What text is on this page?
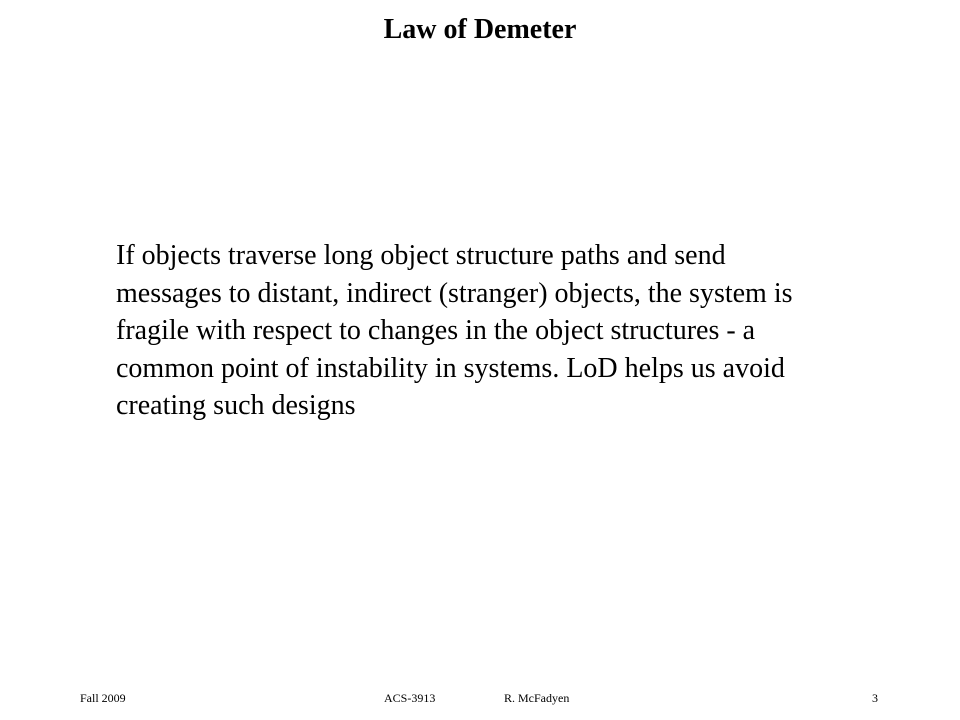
Law of Demeter

If objects traverse long object structure paths and send

messages to distant, indirect (stranger) objects, the system is

fragile with respect to changes in the object structures - a

common point of instability in systems. LoD helps us avoid

creating such designs

Fall 2009	ACS-3913	R. McFadyen	3
